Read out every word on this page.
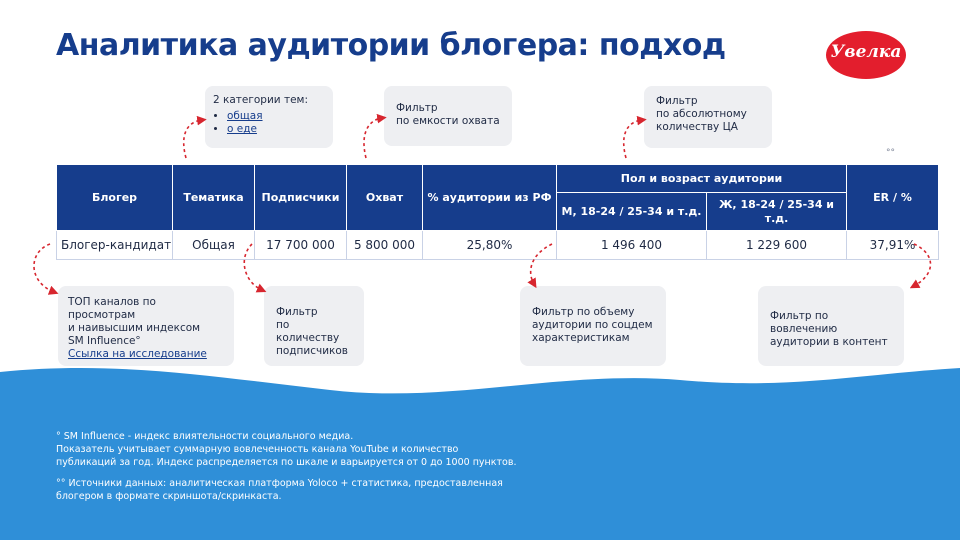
Аналитика аудитории блогера: подход	Увелка
2 категории тем:
• общая
• о еде
Фильтр
по емкости охвата
Фильтр
по абсолютному
количеству ЦА
°°
Блогер	Тематика	Подписчики	Охват	% аудитории из РФ	Пол и возраст аудитории		ER / %
					М, 18-24 / 25-34 и т.д.	Ж, 18-24 / 25-34 и т.д.	
Блогер-кандидат	Общая	17 700 000	5 800 000	25,80%	1 496 400	1 229 600	37,91%
ТОП каналов по просмотрам
и наивысшим индексом
SM Influence°
Ссылка на исследование
Фильтр
по количеству
подписчиков
Фильтр по объему
аудитории по соцдем
характеристикам
Фильтр по вовлечению
аудитории в контент

° SM Influence - индекс влиятельности социального медиа.
Показатель учитывает суммарную вовлеченность канала YouTube и количество
публикаций за год. Индекс распределяется по шкале и варьируется от 0 до 1000 пунктов.

°° Источники данных: аналитическая платформа Yoloco + статистика, предоставленная
блогером в формате скриншота/скринкаста.
